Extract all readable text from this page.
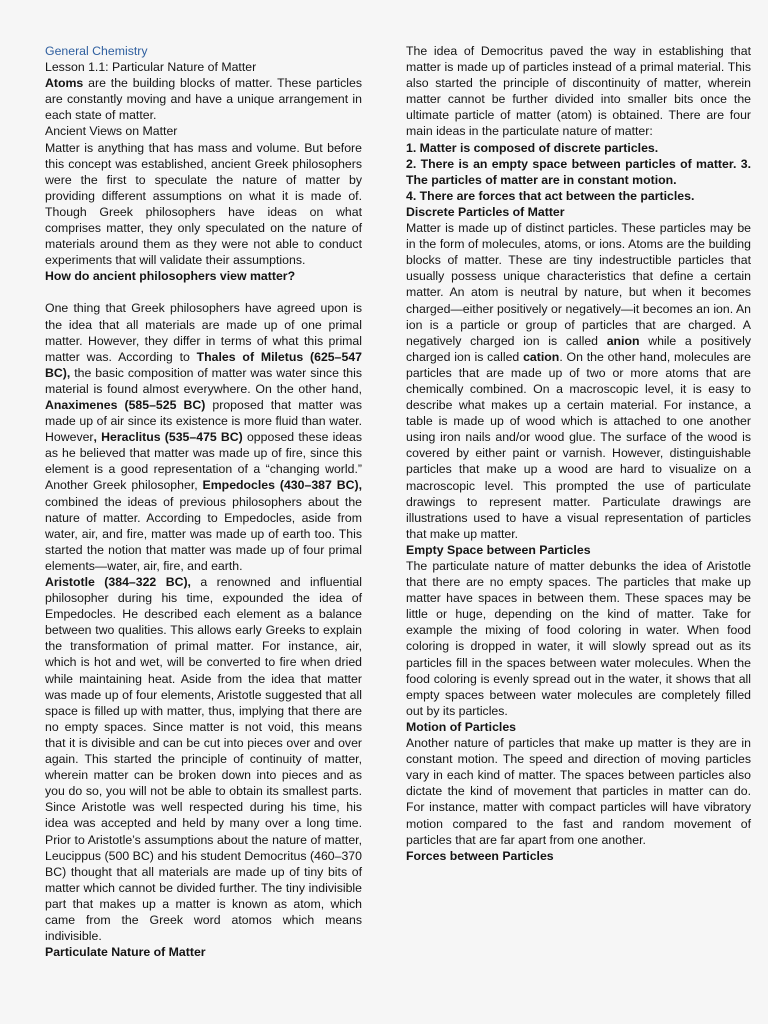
General Chemistry

Lesson 1.1: Particular Nature of Matter

Atoms are the building blocks of matter. These particles are constantly moving and have a unique arrangement in each state of matter.

Ancient Views on Matter

Matter is anything that has mass and volume. But before this concept was established, ancient Greek philosophers were the first to speculate the nature of matter by providing different assumptions on what it is made of. Though Greek philosophers have ideas on what comprises matter, they only speculated on the nature of materials around them as they were not able to conduct experiments that will validate their assumptions.

How do ancient philosophers view matter?

One thing that Greek philosophers have agreed upon is the idea that all materials are made up of one primal matter. However, they differ in terms of what this primal matter was. According to Thales of Miletus (625–547 BC), the basic composition of matter was water since this material is found almost everywhere. On the other hand, Anaximenes (585–525 BC) proposed that matter was made up of air since its existence is more fluid than water. However, Heraclitus (535–475 BC) opposed these ideas as he believed that matter was made up of fire, since this element is a good representation of a “changing world.” Another Greek philosopher, Empedocles (430–387 BC), combined the ideas of previous philosophers about the nature of matter. According to Empedocles, aside from water, air, and fire, matter was made up of earth too. This started the notion that matter was made up of four primal elements—water, air, fire, and earth.

Aristotle (384–322 BC), a renowned and influential philosopher during his time, expounded the idea of Empedocles. He described each element as a balance between two qualities. This allows early Greeks to explain the transformation of primal matter. For instance, air, which is hot and wet, will be converted to fire when dried while maintaining heat. Aside from the idea that matter was made up of four elements, Aristotle suggested that all space is filled up with matter, thus, implying that there are no empty spaces. Since matter is not void, this means that it is divisible and can be cut into pieces over and over again. This started the principle of continuity of matter, wherein matter can be broken down into pieces and as you do so, you will not be able to obtain its smallest parts. Since Aristotle was well respected during his time, his idea was accepted and held by many over a long time. Prior to Aristotle’s assumptions about the nature of matter, Leucippus (500 BC) and his student Democritus (460–370 BC) thought that all materials are made up of tiny bits of matter which cannot be divided further. The tiny indivisible part that makes up a matter is known as atom, which came from the Greek word atomos which means indivisible.

Particulate Nature of Matter

The idea of Democritus paved the way in establishing that matter is made up of particles instead of a primal material. This also started the principle of discontinuity of matter, wherein matter cannot be further divided into smaller bits once the ultimate particle of matter (atom) is obtained. There are four main ideas in the particulate nature of matter:

1. Matter is composed of discrete particles.

2. There is an empty space between particles of matter. 3. The particles of matter are in constant motion.

4. There are forces that act between the particles.

Discrete Particles of Matter

Matter is made up of distinct particles. These particles may be in the form of molecules, atoms, or ions. Atoms are the building blocks of matter. These are tiny indestructible particles that usually possess unique characteristics that define a certain matter. An atom is neutral by nature, but when it becomes charged—either positively or negatively—it becomes an ion. An ion is a particle or group of particles that are charged. A negatively charged ion is called anion while a positively charged ion is called cation. On the other hand, molecules are particles that are made up of two or more atoms that are chemically combined. On a macroscopic level, it is easy to describe what makes up a certain material. For instance, a table is made up of wood which is attached to one another using iron nails and/or wood glue. The surface of the wood is covered by either paint or varnish. However, distinguishable particles that make up a wood are hard to visualize on a macroscopic level. This prompted the use of particulate drawings to represent matter. Particulate drawings are illustrations used to have a visual representation of particles that make up matter.

Empty Space between Particles

The particulate nature of matter debunks the idea of Aristotle that there are no empty spaces. The particles that make up matter have spaces in between them. These spaces may be little or huge, depending on the kind of matter. Take for example the mixing of food coloring in water. When food coloring is dropped in water, it will slowly spread out as its particles fill in the spaces between water molecules. When the food coloring is evenly spread out in the water, it shows that all empty spaces between water molecules are completely filled out by its particles.

Motion of Particles

Another nature of particles that make up matter is they are in constant motion. The speed and direction of moving particles vary in each kind of matter. The spaces between particles also dictate the kind of movement that particles in matter can do. For instance, matter with compact particles will have vibratory motion compared to the fast and random movement of particles that are far apart from one another.

Forces between Particles
